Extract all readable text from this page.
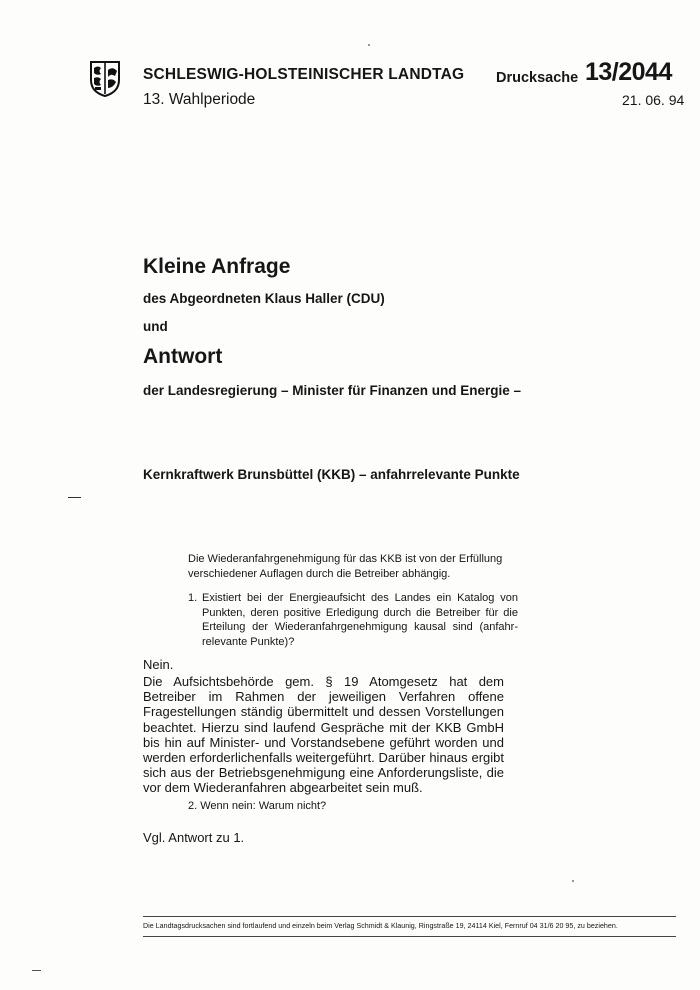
SCHLESWIG-HOLSTEINISCHER LANDTAG
13. Wahlperiode
Drucksache 13/2044
21. 06. 94
Kleine Anfrage
des Abgeordneten Klaus Haller (CDU)
und
Antwort
der Landesregierung – Minister für Finanzen und Energie –
Kernkraftwerk Brunsbüttel (KKB) – anfahrrelevante Punkte
Die Wiederanfahrgenehmigung für das KKB ist von der Erfüllung verschiedener Auflagen durch die Betreiber abhängig.
1. Existiert bei der Energieaufsicht des Landes ein Katalog von Punkten, deren positive Erledigung durch die Betreiber für die Erteilung der Wiederanfahrgenehmigung kausal sind (anfahr-relevante Punkte)?
Nein.
Die Aufsichtsbehörde gem. § 19 Atomgesetz hat dem Betreiber im Rahmen der jeweiligen Verfahren offene Fragestellungen ständig übermittelt und dessen Vorstellungen beachtet. Hierzu sind laufend Gespräche mit der KKB GmbH bis hin auf Minister- und Vorstandsebene geführt worden und werden erforderlichenfalls weitergeführt. Darüber hinaus ergibt sich aus der Betriebsgenehmigung eine Anforderungsliste, die vor dem Wiederanfahren abgearbeitet sein muß.
2. Wenn nein: Warum nicht?
Vgl. Antwort zu 1.
Die Landtagsdrucksachen sind fortlaufend und einzeln beim Verlag Schmidt & Klaunig, Ringstraße 19, 24114 Kiel, Fernruf 04 31/6 20 95, zu beziehen.
